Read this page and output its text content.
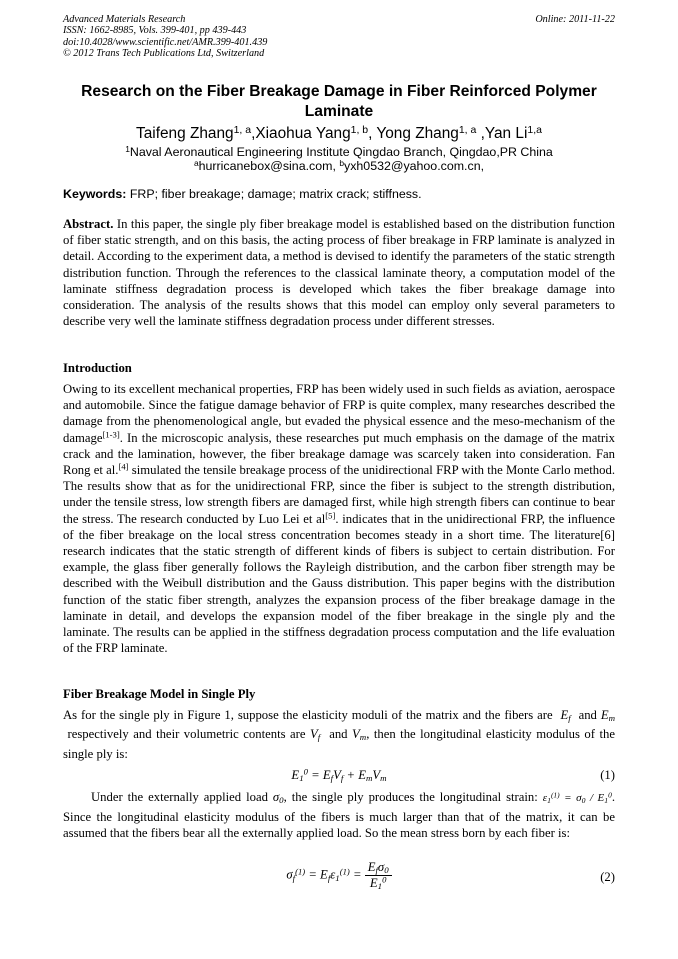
Advanced Materials Research
ISSN: 1662-8985, Vols. 399-401, pp 439-443
doi:10.4028/www.scientific.net/AMR.399-401.439
© 2012 Trans Tech Publications Ltd, Switzerland
Online: 2011-11-22
Research on the Fiber Breakage Damage in Fiber Reinforced Polymer Laminate
Taifeng Zhang$^{1, a}$,Xiaohua Yang$^{1, b}$, Yong Zhang$^{1, a}$ ,Yan Li$^{1,a}$
$^1$Naval Aeronautical Engineering Institute Qingdao Branch, Qingdao,PR China
$^a$hurricanebox@sina.com, $^b$yxh0532@yahoo.com.cn,
Keywords: FRP; fiber breakage; damage; matrix crack; stiffness.

Abstract. In this paper, the single ply fiber breakage model is established based on the distribution function of fiber static strength, and on this basis, the acting process of fiber breakage in FRP laminate is analyzed in detail. According to the experiment data, a method is devised to identify the parameters of the static strength distribution function. Through the references to the classical laminate theory, a computation model of the laminate stiffness degradation process is developed which takes the fiber breakage damage into consideration. The analysis of the results shows that this model can employ only several parameters to describe very well the laminate stiffness degradation process under different stresses.

Introduction

Owing to its excellent mechanical properties, FRP has been widely used in such fields as aviation, aerospace and automobile. Since the fatigue damage behavior of FRP is quite complex, many researches described the damage from the phenomenological angle, but evaded the physical essence and the meso-mechanism of the damage[1-3]. In the microscopic analysis, these researches put much emphasis on the damage of the matrix crack and the lamination, however, the fiber breakage damage was scarcely taken into consideration. Fan Rong et al.[4] simulated the tensile breakage process of the unidirectional FRP with the Monte Carlo method. The results show that as for the unidirectional FRP, since the fiber is subject to the strength distribution, under the tensile stress, low strength fibers are damaged first, while high strength fibers can continue to bear the stress. The research conducted by Luo Lei et al[5]. indicates that in the unidirectional FRP, the influence of the fiber breakage on the local stress concentration becomes steady in a short time. The literature[6] research indicates that the static strength of different kinds of fibers is subject to certain distribution. For example, the glass fiber generally follows the Rayleigh distribution, and the carbon fiber strength may be described with the Weibull distribution and the Gauss distribution. This paper begins with the distribution function of the static fiber strength, analyzes the expansion process of the fiber breakage damage in the laminate in detail, and develops the expansion model of the fiber breakage in the single ply and the laminate. The results can be applied in the stiffness degradation process computation and the life evaluation of the FRP laminate.

Fiber Breakage Model in Single Ply

As for the single ply in Figure 1, suppose the elasticity moduli of the matrix and the fibers are $E_f$ and $E_m$  respectively and their volumetric contents are $V_f$ and $V_m$, then the longitudinal elasticity modulus of the single ply is:

$E_1^0 = E_fV_f + E_mV_m$	(1)

Under the externally applied load $\sigma_0$, the single ply produces the longitudinal strain: $\varepsilon_1^{(1)} = \sigma_0 / E_1^0$. Since the longitudinal elasticity modulus of the fibers is much larger than that of the matrix, it can be assumed that the fibers bear all the externally applied load. So the mean stress born by each fiber is:

$\sigma_f^{(1)} = E_f\varepsilon_1^{(1)} = \frac{E_f\sigma_0}{E_1^0}$	(2)
